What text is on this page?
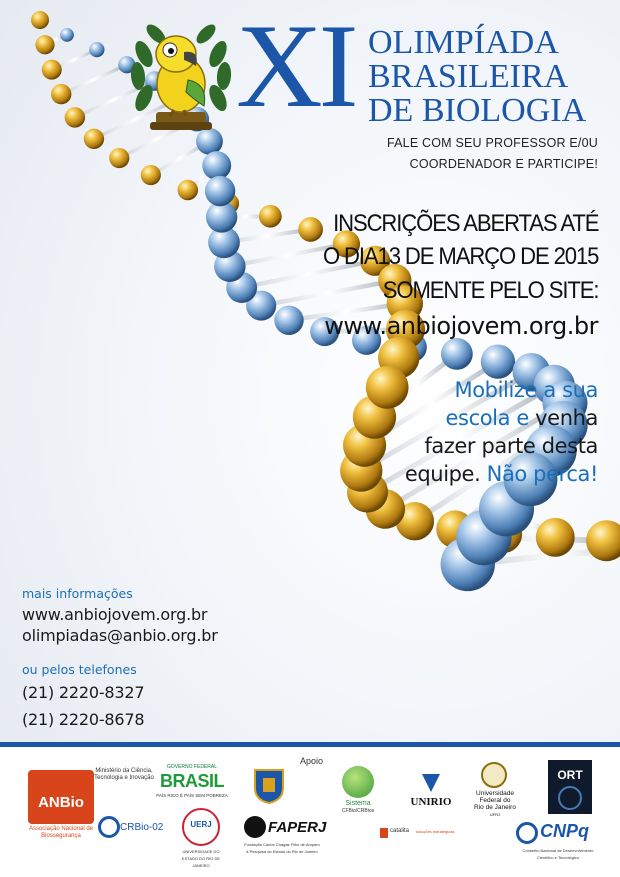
XI OLIMPÍADA
BRASILEIRA
DE BIOLOGIA
FALE COM SEU PROFESSOR E/0U
COORDENADOR E PARTICIPE!
INSCRIÇÕES ABERTAS ATÉ
O DIA13 DE MARÇO DE 2015
SOMENTE PELO SITE:
www.anbiojovem.org.br
Mobilize a sua
escola e venha
fazer parte desta
equipe. Não perca!
mais informações
www.anbiojovem.org.br
olimpiadas@anbio.org.br
ou pelos telefones
(21) 2220-8327
(21) 2220-8678
Apoio
ANBio
Associação Nacional de Biossegurança
Ministério da Ciência, Tecnologia e Inovação
GOVERNO FEDERAL
BRASIL
PAÍS RICO É PAÍS SEM POBREZA
CRBio-02	UERJ
UNIVERSIDADE DO ESTADO DO RIO DE JANEIRO
FAPERJ
Fundação Carlos Chagas Filho de Amparo à Pesquisa do Estado do Rio de Janeiro
Sistema
CFBio/CRBios
UNIRIO
catalita soluções estratégicas
Universidade
Federal do
Rio de Janeiro
UFRJ
ORT
CNPq
Conselho Nacional de Desenvolvimento Científico e Tecnológico
